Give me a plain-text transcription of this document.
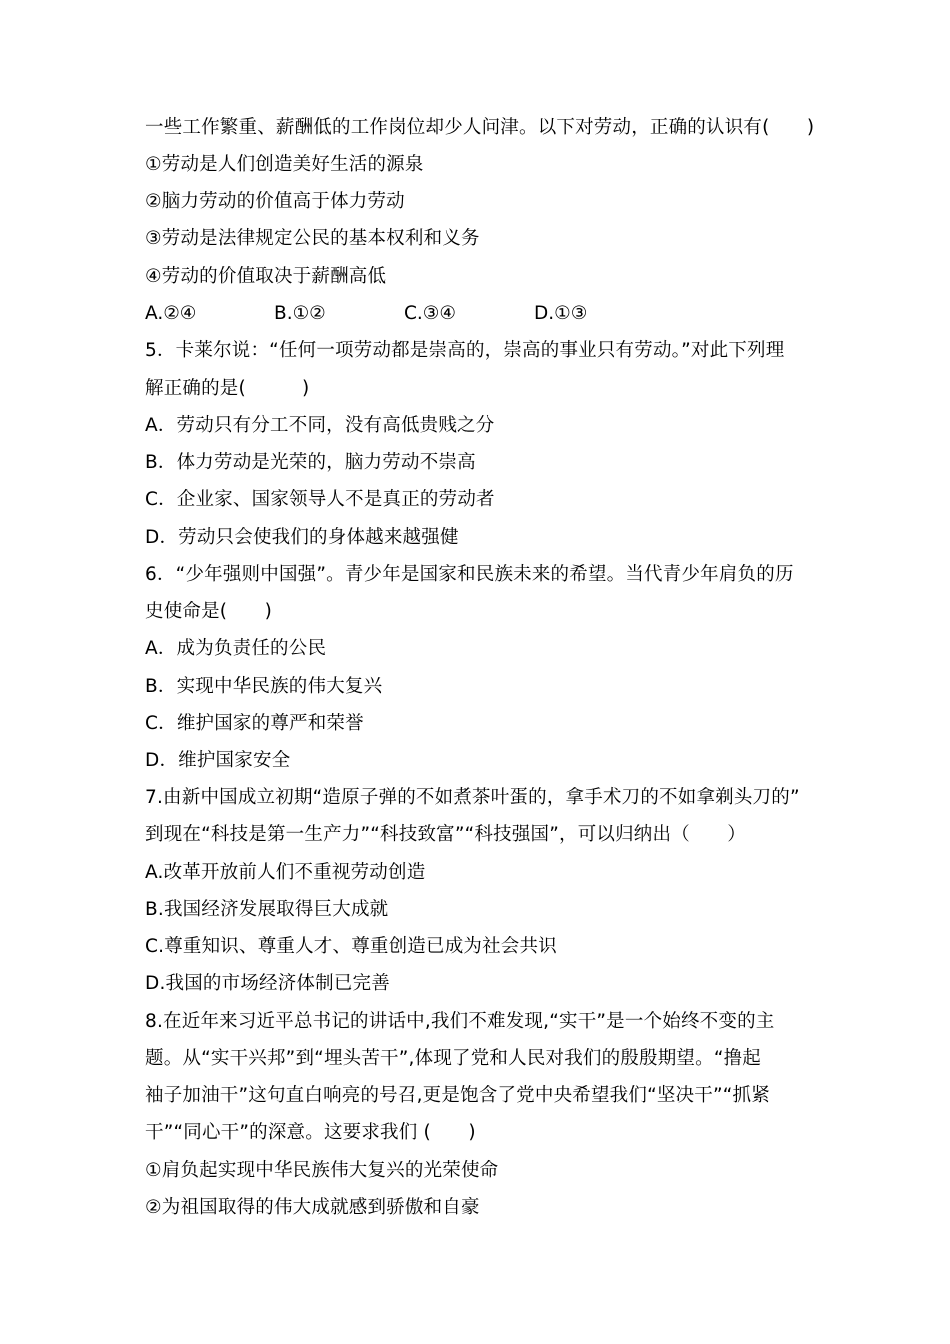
一些工作繁重、薪酬低的工作岗位却少人问津。以下对劳动，正确的认识有(　　)
①劳动是人们创造美好生活的源泉
②脑力劳动的价值高于体力劳动
③劳动是法律规定公民的基本权利和义务
④劳动的价值取决于薪酬高低
A.②④	B.①②	C.③④	D.①③
5．卡莱尔说：“任何一项劳动都是崇高的，崇高的事业只有劳动。”对此下列理
解正确的是(　　　)
A．劳动只有分工不同，没有高低贵贱之分
B．体力劳动是光荣的，脑力劳动不崇高
C．企业家、国家领导人不是真正的劳动者
D．劳动只会使我们的身体越来越强健
6．“少年强则中国强”。青少年是国家和民族未来的希望。当代青少年肩负的历
史使命是(　　)
A．成为负责任的公民
B．实现中华民族的伟大复兴
C．维护国家的尊严和荣誉
D．维护国家安全
7.由新中国成立初期“造原子弹的不如煮茶叶蛋的，拿手术刀的不如拿剃头刀的”
到现在“科技是第一生产力”“科技致富”“科技强国”，可以归纳出（　　）
A.改革开放前人们不重视劳动创造
B.我国经济发展取得巨大成就
C.尊重知识、尊重人才、尊重创造已成为社会共识
D.我国的市场经济体制已完善
8.在近年来习近平总书记的讲话中,我们不难发现,“实干”是一个始终不变的主
题。从“实干兴邦”到“埋头苦干”,体现了党和人民对我们的殷殷期望。“撸起
袖子加油干”这句直白响亮的号召,更是饱含了党中央希望我们“坚决干”“抓紧
干”“同心干”的深意。这要求我们 (　　)
①肩负起实现中华民族伟大复兴的光荣使命
②为祖国取得的伟大成就感到骄傲和自豪
